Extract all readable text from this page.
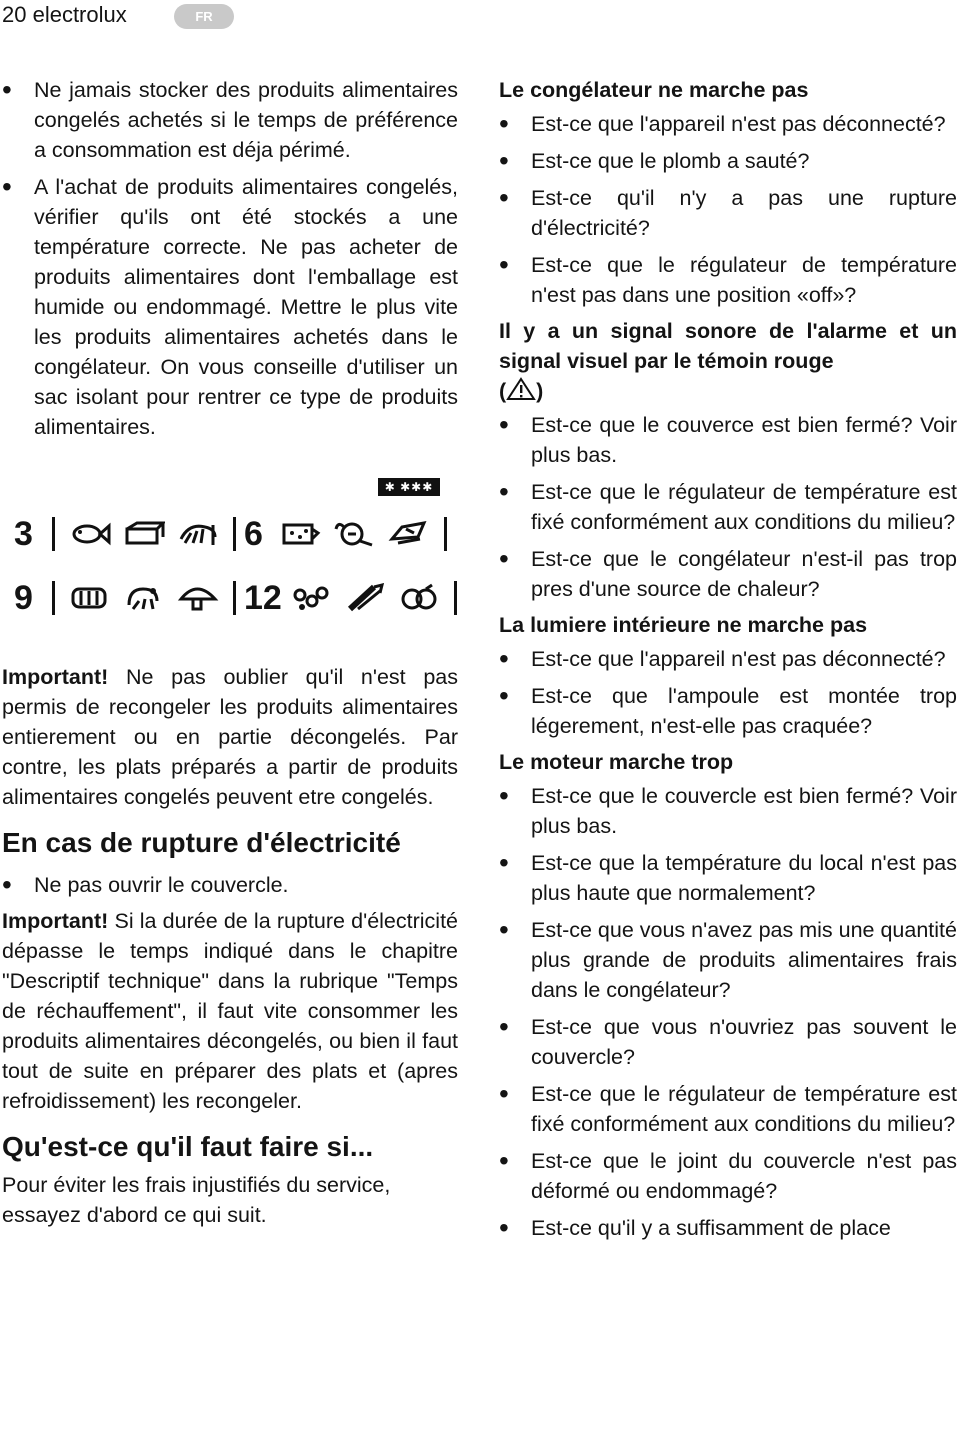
20 electrolux	FR
• Ne jamais stocker des produits alimentaires congelés achetés si le temps de préférence a consommation est déja périmé.
• A l'achat de produits alimentaires congelés, vérifier qu'ils ont été stockés a une température correcte. Ne pas acheter de produits alimentaires dont l'emballage est humide ou endommagé. Mettre le plus vite les produits alimentaires achetés dans le congélateur. On vous conseille d'utiliser un sac isolant pour rentrer ce type de produits alimentaires.
✱ ✱✱✱
3	6
9	12

Important! Ne pas oublier qu'il n'est pas permis de recongeler les produits alimentaires entierement ou en partie décongelés. Par contre, les plats préparés a partir de produits alimentaires congelés peuvent etre congelés.

En cas de rupture d'électricité
• Ne pas ouvrir le couvercle.

Important! Si la durée de la rupture d'électricité dépasse le temps indiqué dans le chapitre "Descriptif technique" dans la rubrique "Temps de réchauffement", il faut vite consommer les produits alimentaires décongelés, ou bien il faut tout de suite en préparer des plats et (apres refroidissement) les recongeler.

Qu'est-ce qu'il faut faire si...

Pour éviter les frais injustifiés du service, essayez d'abord ce qui suit.

Le congélateur ne marche pas
• Est-ce que l'appareil n'est pas déconnecté?
• Est-ce que le plomb a sauté?
• Est-ce qu'il n'y a pas une rupture d'électricité?
• Est-ce que le régulateur de température n'est pas dans une position «off»?
Il y a un signal sonore de l'alarme et un signal visuel par le témoin rouge
( )
• Est-ce que le couverce est bien fermé? Voir plus bas.
• Est-ce que le régulateur de température est fixé conformément aux conditions du milieu?
• Est-ce que le congélateur n'est-il pas trop pres d'une source de chaleur?
La lumiere intérieure ne marche pas
• Est-ce que l'appareil n'est pas déconnecté?
• Est-ce que l'ampoule est montée trop légerement, n'est-elle pas craquée?
Le moteur marche trop
• Est-ce que le couvercle est bien fermé? Voir plus bas.
• Est-ce que la température du local n'est pas plus haute que normalement?
• Est-ce que vous n'avez pas mis une quantité plus grande de produits alimentaires frais dans le congélateur?
• Est-ce que vous n'ouvriez pas souvent le couvercle?
• Est-ce que le régulateur de température est fixé conformément aux conditions du milieu?
• Est-ce que le joint du couvercle n'est pas déformé ou endommagé?
• Est-ce qu'il y a suffisamment de place
